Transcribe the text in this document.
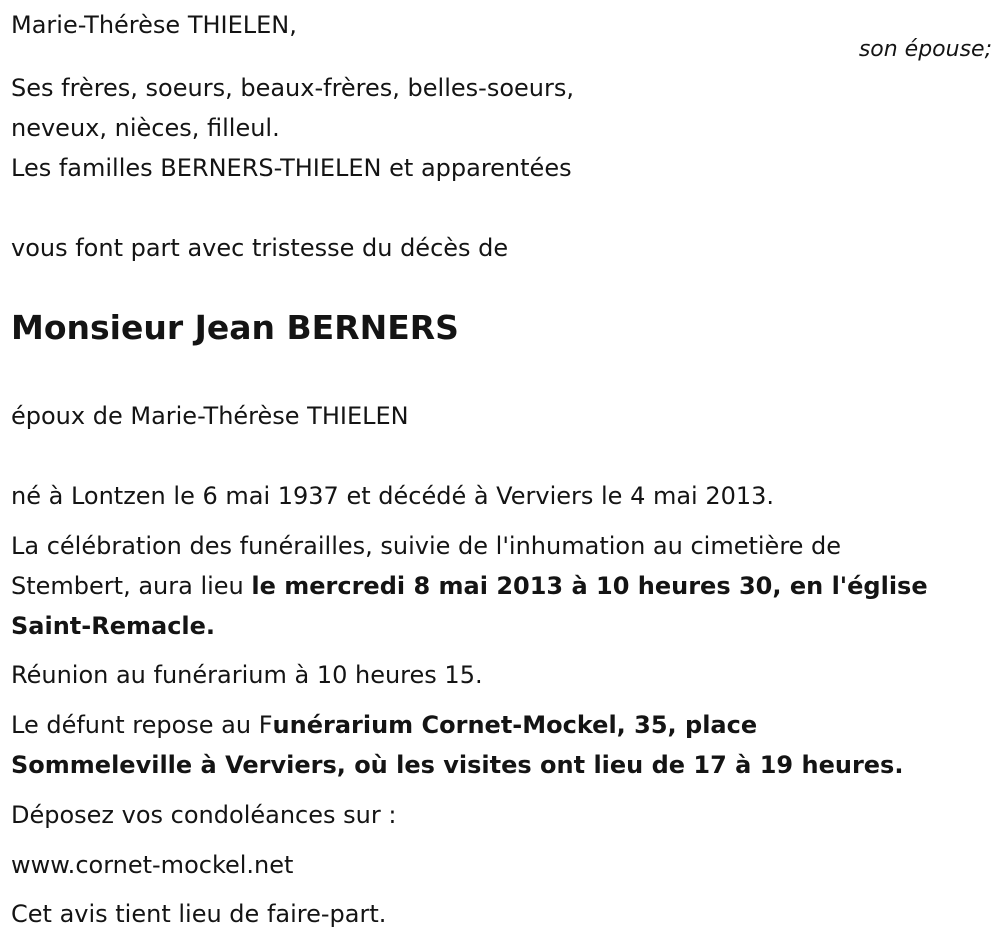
Marie-Thérèse THIELEN,

Ses frères, soeurs, beaux-frères, belles-soeurs,

neveux, nièces, filleul.

Les familles BERNERS-THIELEN et apparentées

vous font part avec tristesse du décès de

Monsieur Jean BERNERS

époux de Marie-Thérèse THIELEN

né à Lontzen le 6 mai 1937 et décédé à Verviers le 4 mai 2013.

La célébration des funérailles, suivie de l'inhumation au cimetière de

Stembert, aura lieu le mercredi 8 mai 2013 à 10 heures 30, en l'église

Saint-Remacle.

Réunion au funérarium à 10 heures 15.

Le défunt repose au Funérarium Cornet-Mockel, 35, place

Sommeleville à Verviers, où les visites ont lieu de 17 à 19 heures.

Déposez vos condoléances sur :

www.cornet-mockel.net

Cet avis tient lieu de faire-part.

son épouse;
